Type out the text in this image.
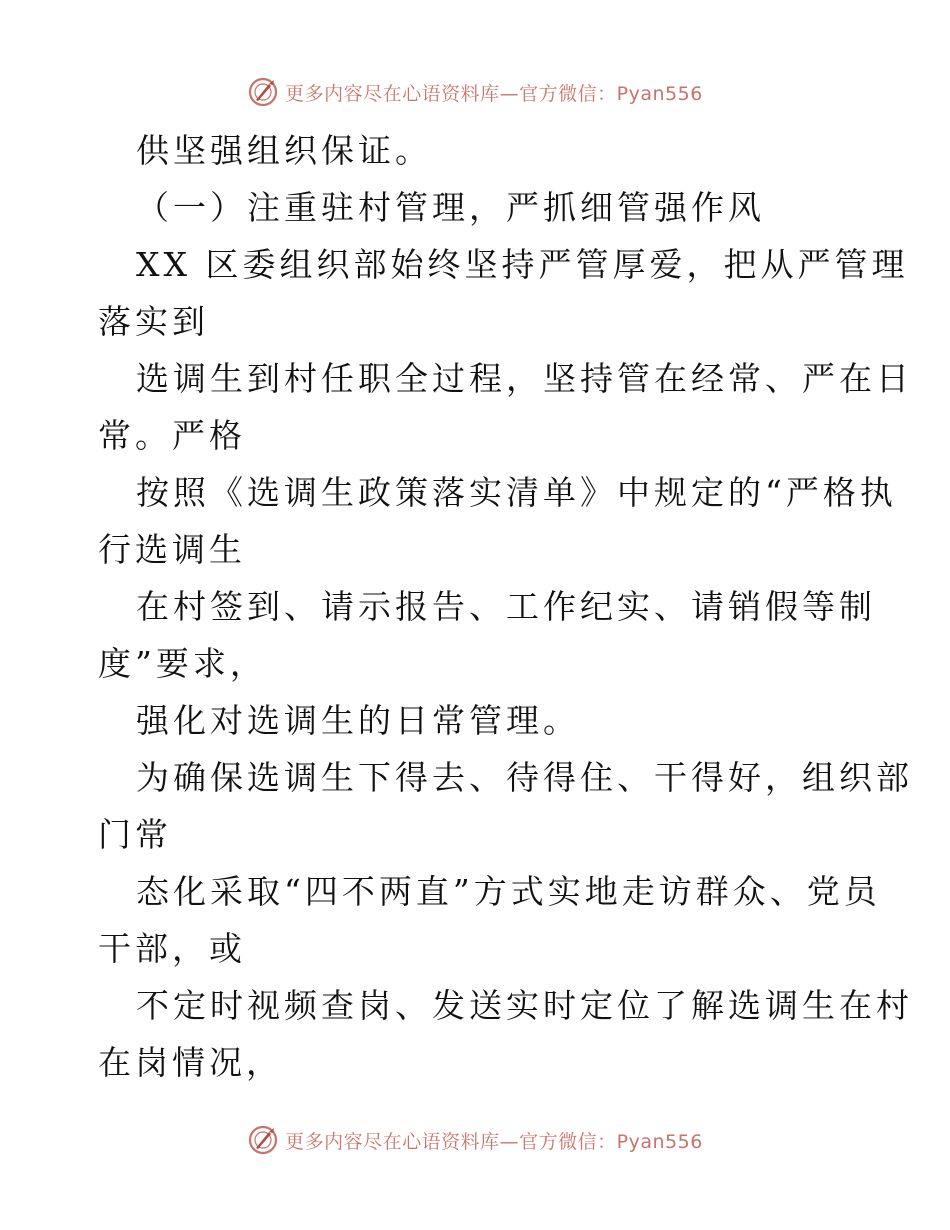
更多内容尽在心语资料库—官方微信：Pyan556
供坚强组织保证。
（一）注重驻村管理，严抓细管强作风
XX 区委组织部始终坚持严管厚爱，把从严管理
落实到
选调生到村任职全过程，坚持管在经常、严在日
常。严格
按照《选调生政策落实清单》中规定的“严格执
行选调生
在村签到、请示报告、工作纪实、请销假等制
度”要求，
强化对选调生的日常管理。
为确保选调生下得去、待得住、干得好，组织部
门常
态化采取“四不两直”方式实地走访群众、党员
干部，或
不定时视频查岗、发送实时定位了解选调生在村
在岗情况，
更多内容尽在心语资料库—官方微信：Pyan556
